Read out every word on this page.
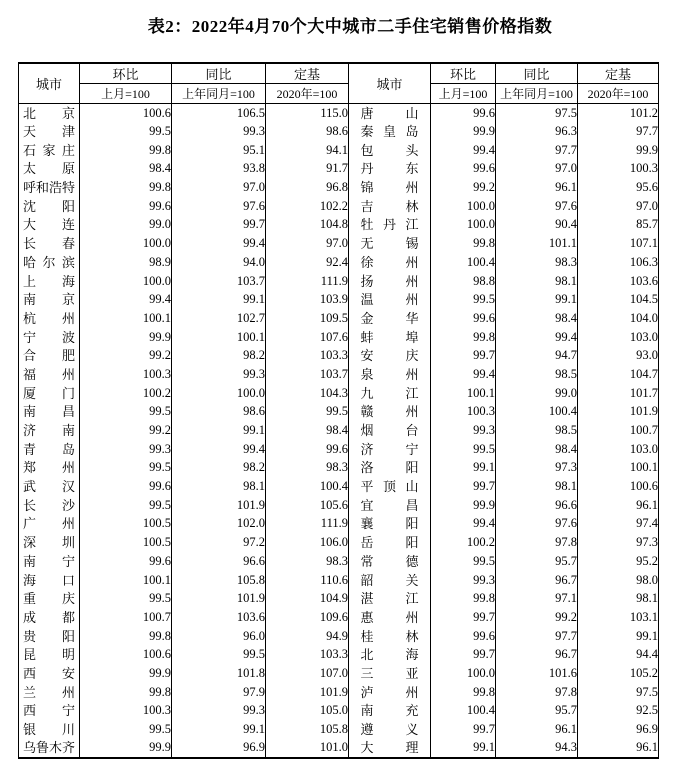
表2：2022年4月70个大中城市二手住宅销售价格指数
城市	环比	同比	定基	城市	环比	同比	定基
	上月=100	上年同月=100	2020年=100		上月=100	上年同月=100	2020年=100

北 京	100.6	106.5	115.0	唐 山	99.6	97.5	101.2

天 津	99.5	99.3	98.6	秦 皇 岛	99.9	96.3	97.7

石 家 庄	99.8	95.1	94.1	包 头	99.4	97.7	99.9

太 原	98.4	93.8	91.7	丹 东	99.6	97.0	100.3

呼 和 浩 特	99.8	97.0	96.8	锦 州	99.2	96.1	95.6

沈 阳	99.6	97.6	102.2	吉 林	100.0	97.6	97.0

大 连	99.0	99.7	104.8	牡 丹 江	100.0	90.4	85.7

长 春	100.0	99.4	97.0	无 锡	99.8	101.1	107.1

哈 尔 滨	98.9	94.0	92.4	徐 州	100.4	98.3	106.3

上 海	100.0	103.7	111.9	扬 州	98.8	98.1	103.6

南 京	99.4	99.1	103.9	温 州	99.5	99.1	104.5

杭 州	100.1	102.7	109.5	金 华	99.6	98.4	104.0

宁 波	99.9	100.1	107.6	蚌 埠	99.8	99.4	103.0

合 肥	99.2	98.2	103.3	安 庆	99.7	94.7	93.0

福 州	100.3	99.3	103.7	泉 州	99.4	98.5	104.7

厦 门	100.2	100.0	104.3	九 江	100.1	99.0	101.7

南 昌	99.5	98.6	99.5	赣 州	100.3	100.4	101.9

济 南	99.2	99.1	98.4	烟 台	99.3	98.5	100.7

青 岛	99.3	99.4	99.6	济 宁	99.5	98.4	103.0

郑 州	99.5	98.2	98.3	洛 阳	99.1	97.3	100.1

武 汉	99.6	98.1	100.4	平 顶 山	99.7	98.1	100.6

长 沙	99.5	101.9	105.6	宜 昌	99.9	96.6	96.1

广 州	100.5	102.0	111.9	襄 阳	99.4	97.6	97.4

深 圳	100.5	97.2	106.0	岳 阳	100.2	97.8	97.3

南 宁	99.6	96.6	98.3	常 德	99.5	95.7	95.2

海 口	100.1	105.8	110.6	韶 关	99.3	96.7	98.0

重 庆	99.5	101.9	104.9	湛 江	99.8	97.1	98.1

成 都	100.7	103.6	109.6	惠 州	99.7	99.2	103.1

贵 阳	99.8	96.0	94.9	桂 林	99.6	97.7	99.1

昆 明	100.6	99.5	103.3	北 海	99.7	96.7	94.4

西 安	99.9	101.8	107.0	三 亚	100.0	101.6	105.2

兰 州	99.8	97.9	101.9	泸 州	99.8	97.8	97.5

西 宁	100.3	99.3	105.0	南 充	100.4	95.7	92.5

银 川	99.5	99.1	105.8	遵 义	99.7	96.1	96.9

乌 鲁 木 齐	99.9	96.9	101.0	大 理	99.1	94.3	96.1
